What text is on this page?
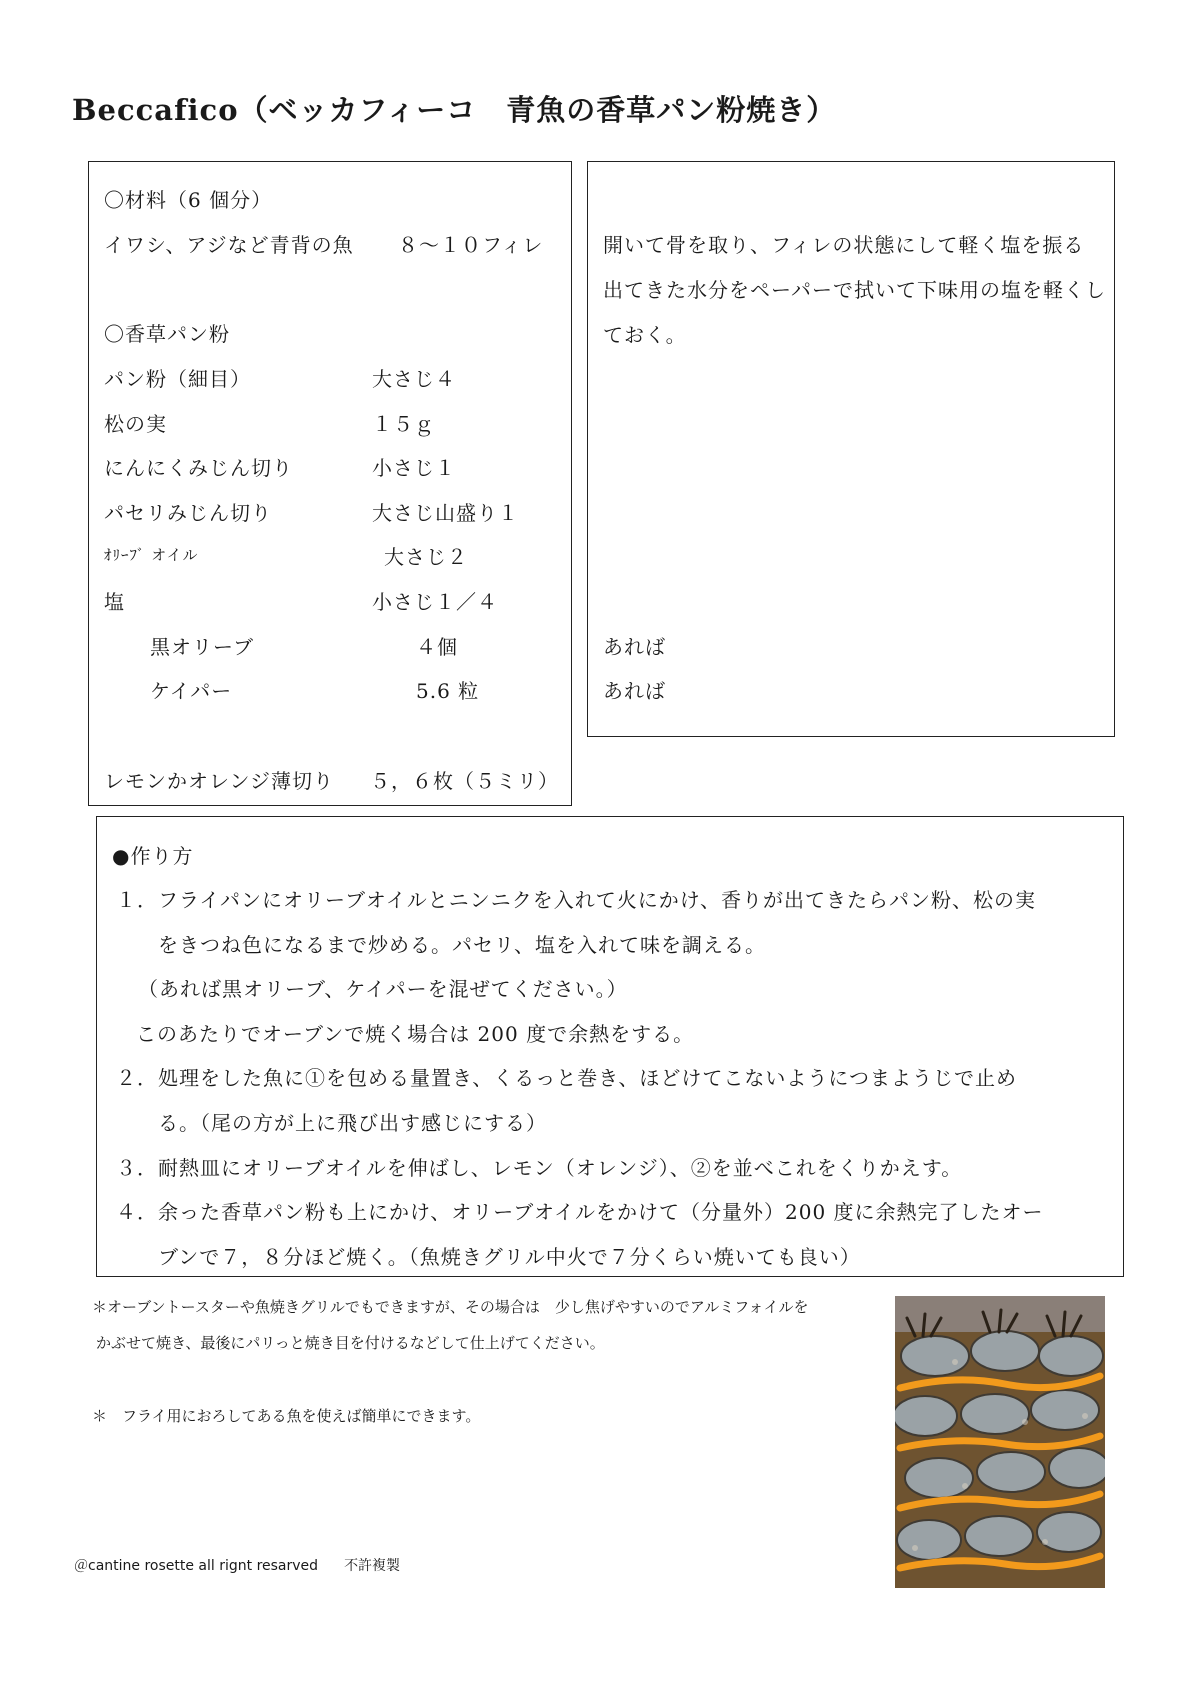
Beccafico（ベッカフィーコ　青魚の香草パン粉焼き）
〇材料（6 個分）
イワシ、アジなど青背の魚 ８〜１０フィレ
〇香草パン粉
パン粉（細目）	大さじ４
松の実	１５ｇ
にんにくみじん切り	小さじ１
パセリみじん切り	大さじ山盛り１
ｵﾘｰﾌﾞ オイル	大さじ２
塩	小さじ１／４
黒オリーブ	４個
ケイパー	5.6 粒
レモンかオレンジ薄切り ５，６枚（５ミリ）
開いて骨を取り、フィレの状態にして軽く塩を振る
出てきた水分をペーパーで拭いて下味用の塩を軽くし
ておく。
あれば
あれば
●作り方
１．フライパンにオリーブオイルとニンニクを入れて火にかけ、香りが出てきたらパン粉、松の実
をきつね色になるまで炒める。パセリ、塩を入れて味を調える。
（あれば黒オリーブ、ケイパーを混ぜてください。）
このあたりでオーブンで焼く場合は 200 度で余熱をする。
２．処理をした魚に①を包める量置き、くるっと巻き、ほどけてこないようにつまようじで止め
る。（尾の方が上に飛び出す感じにする）
３．耐熱皿にオリーブオイルを伸ばし、レモン（オレンジ）、②を並べこれをくりかえす。
４．余った香草パン粉も上にかけ、オリーブオイルをかけて（分量外）200 度に余熱完了したオー
ブンで７，８分ほど焼く。（魚焼きグリル中火で７分くらい焼いても良い）
＊オーブントースターや魚焼きグリルでもできますが、その場合は　少し焦げやすいのでアルミフォイルを
かぶせて焼き、最後にパリっと焼き目を付けるなどして仕上げてください。
＊　フライ用におろしてある魚を使えば簡単にできます。
＠cantine rosette all rignt resarved 不許複製
